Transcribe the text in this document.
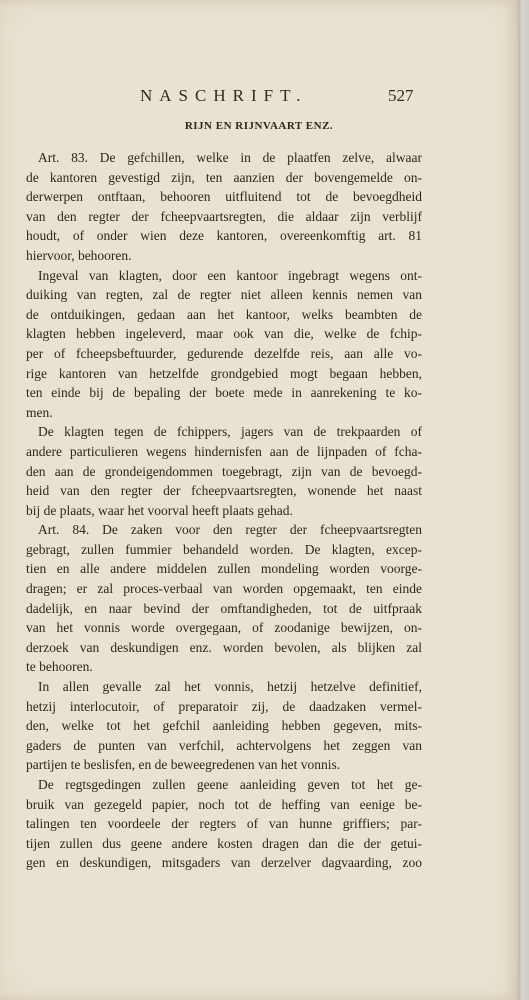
NASCHRIFT.	527
RIJN EN RIJNVAART ENZ.
Art. 83. De gefchillen, welke in de plaatfen zelve, alwaar
de kantoren gevestigd zijn, ten aanzien der bovengemelde on-
derwerpen ontftaan, behooren uitfluitend tot de bevoegdheid
van den regter der fcheepvaartsregten, die aldaar zijn verblijf
houdt, of onder wien deze kantoren, overeenkomftig art. 81
hiervoor, behooren.
Ingeval van klagten, door een kantoor ingebragt wegens ont-
duiking van regten, zal de regter niet alleen kennis nemen van
de ontduikingen, gedaan aan het kantoor, welks beambten de
klagten hebben ingeleverd, maar ook van die, welke de fchip-
per of fcheepsbeftuurder, gedurende dezelfde reis, aan alle vo-
rige kantoren van hetzelfde grondgebied mogt begaan hebben,
ten einde bij de bepaling der boete mede in aanrekening te ko-
men.
De klagten tegen de fchippers, jagers van de trekpaarden of
andere particulieren wegens hindernisfen aan de lijnpaden of fcha-
den aan de grondeigendommen toegebragt, zijn van de bevoegd-
heid van den regter der fcheepvaartsregten, wonende het naast
bij de plaats, waar het voorval heeft plaats gehad.
Art. 84. De zaken voor den regter der fcheepvaartsregten
gebragt, zullen fummier behandeld worden. De klagten, excep-
tien en alle andere middelen zullen mondeling worden voorge-
dragen; er zal proces-verbaal van worden opgemaakt, ten einde
dadelijk, en naar bevind der omftandigheden, tot de uitfpraak
van het vonnis worde overgegaan, of zoodanige bewijzen, on-
derzoek van deskundigen enz. worden bevolen, als blijken zal
te behooren.
In allen gevalle zal het vonnis, hetzij hetzelve definitief,
hetzij interlocutoir, of preparatoir zij, de daadzaken vermel-
den, welke tot het gefchil aanleiding hebben gegeven, mits-
gaders de punten van verfchil, achtervolgens het zeggen van
partijen te beslisfen, en de beweegredenen van het vonnis.
De regtsgedingen zullen geene aanleiding geven tot het ge-
bruik van gezegeld papier, noch tot de heffing van eenige be-
talingen ten voordeele der regters of van hunne griffiers; par-
tijen zullen dus geene andere kosten dragen dan die der getui-
gen en deskundigen, mitsgaders van derzelver dagvaarding, zoo
